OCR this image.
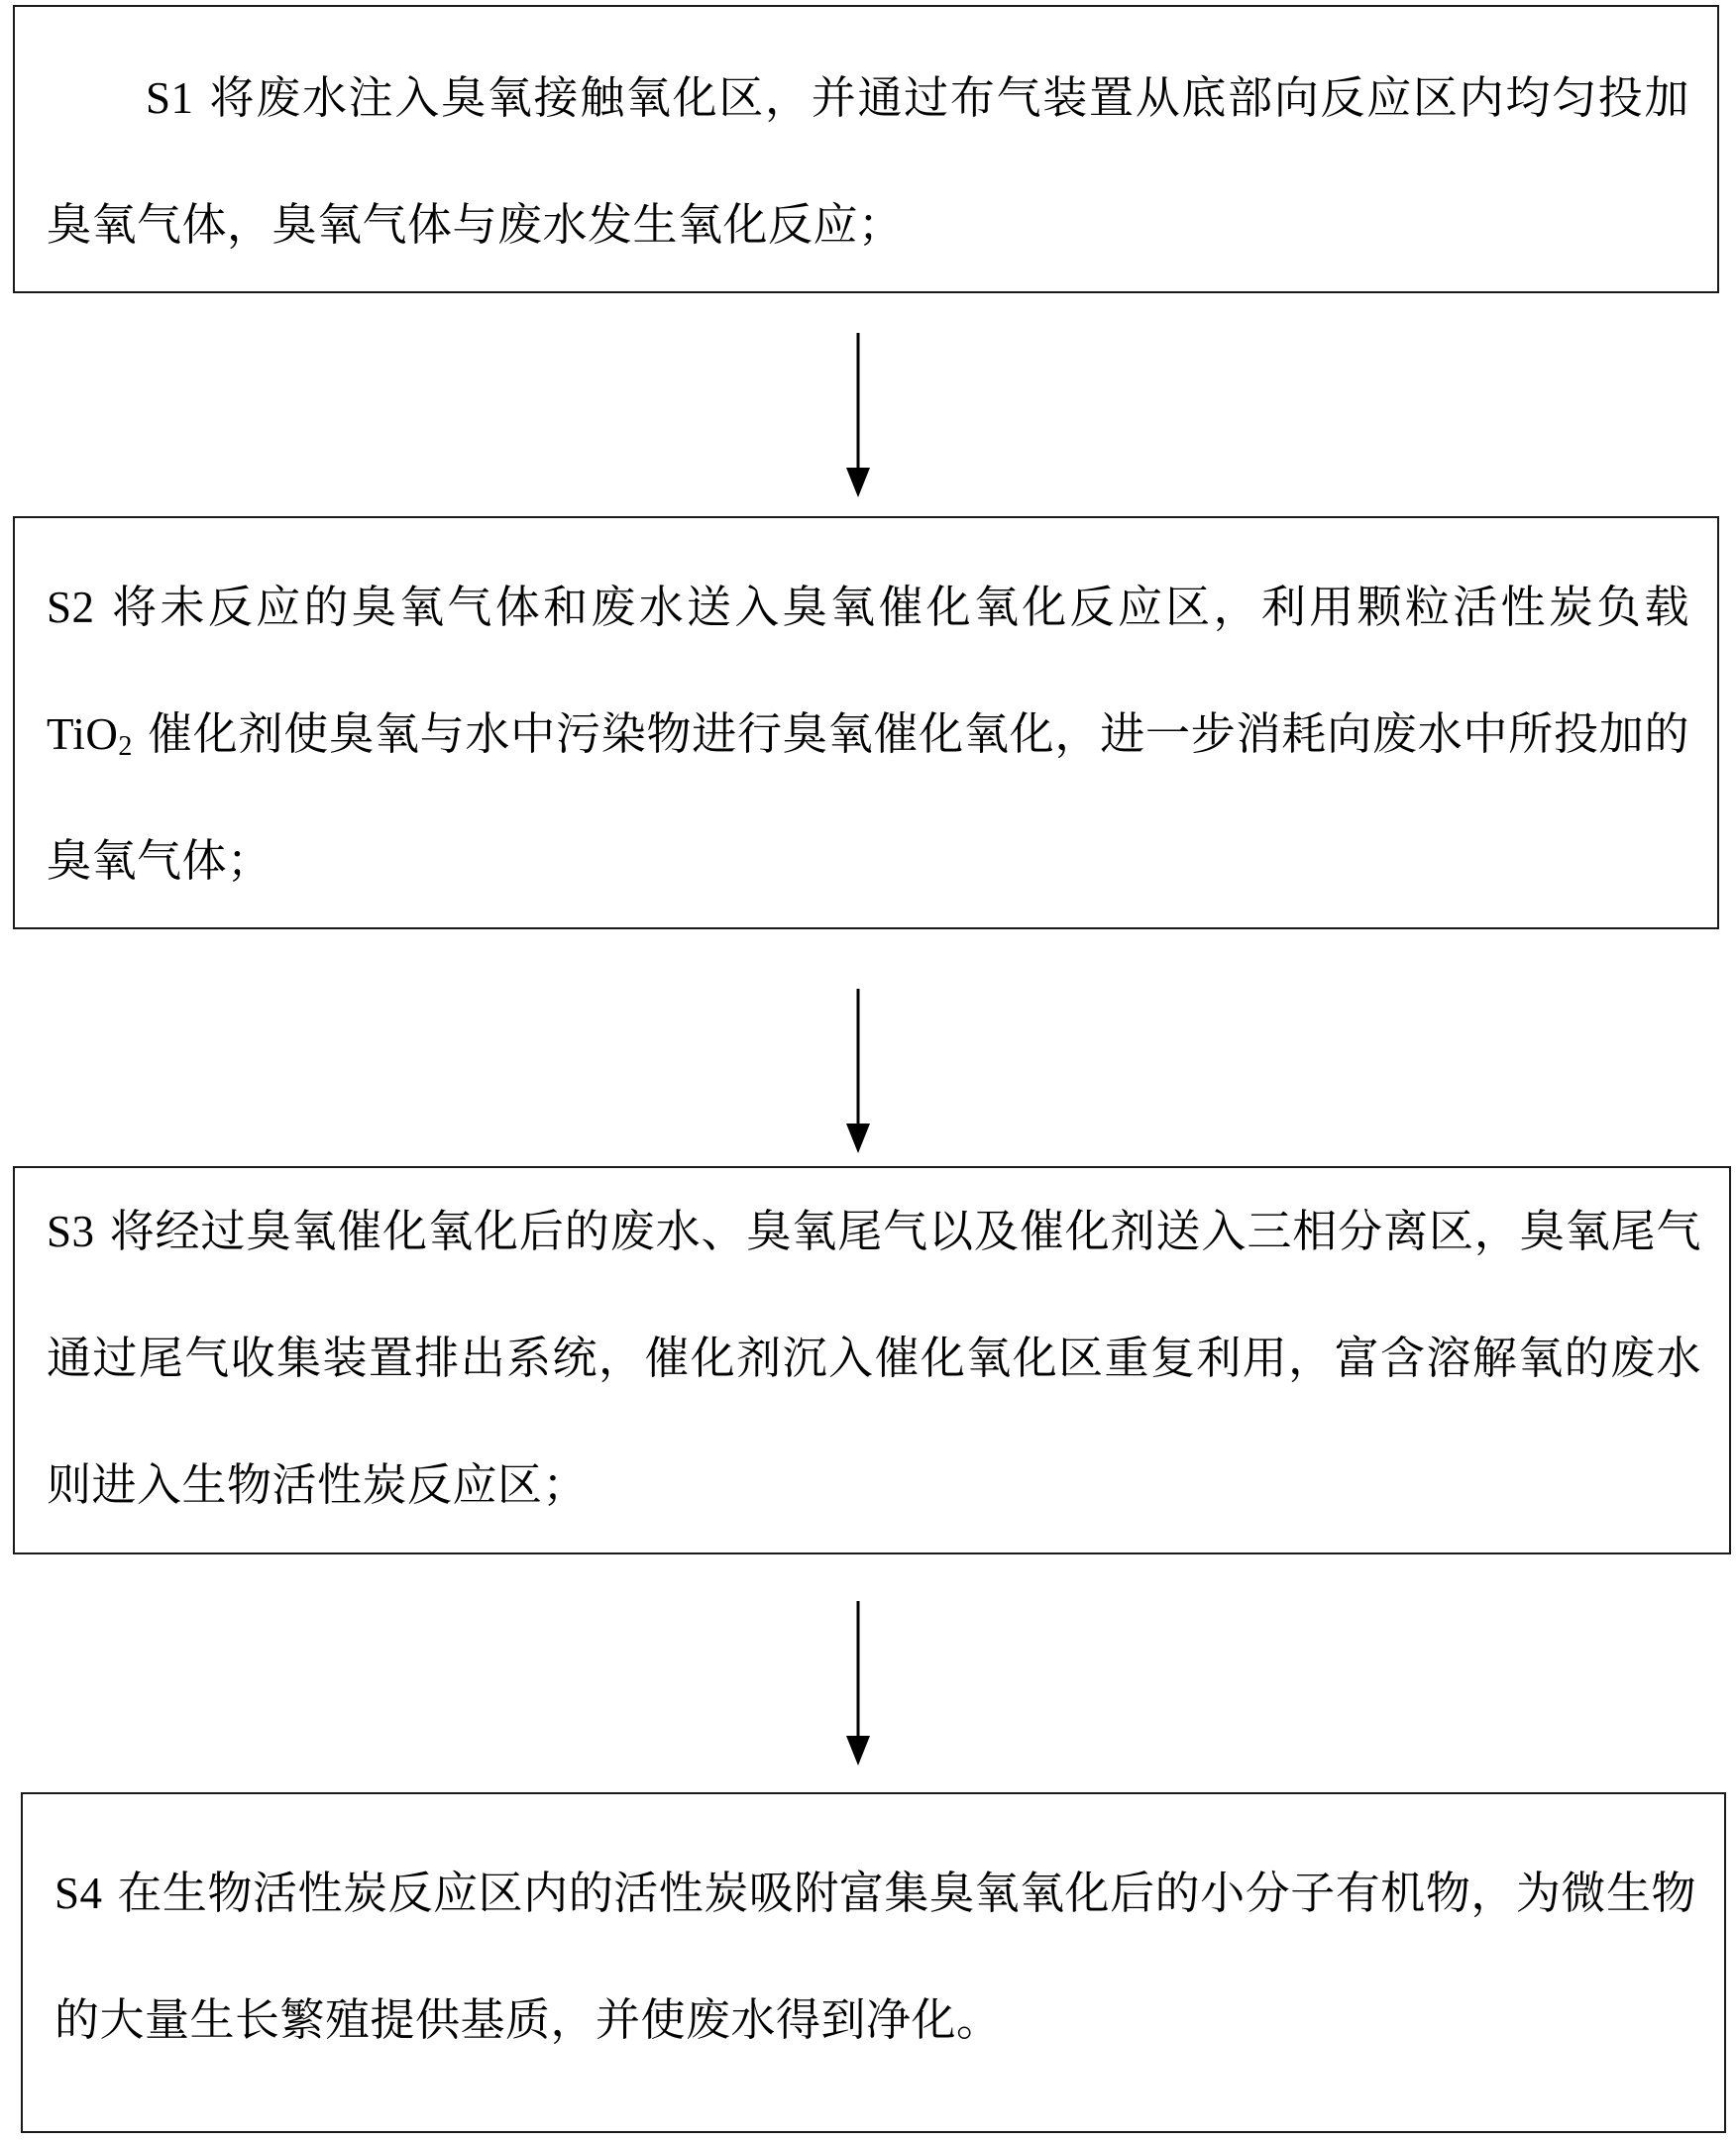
S1 将废水注入臭氧接触氧化区，并通过布气装置从底部向反应区内均匀投加臭氧气体，臭氧气体与废水发生氧化反应；
S2 将未反应的臭氧气体和废水送入臭氧催化氧化反应区，利用颗粒活性炭负载 TiO$_2$ 催化剂使臭氧与水中污染物进行臭氧催化氧化，进一步消耗向废水中所投加的臭氧气体；
S3 将经过臭氧催化氧化后的废水、臭氧尾气以及催化剂送入三相分离区，臭氧尾气通过尾气收集装置排出系统，催化剂沉入催化氧化区重复利用，富含溶解氧的废水则进入生物活性炭反应区；
S4 在生物活性炭反应区内的活性炭吸附富集臭氧氧化后的小分子有机物，为微生物的大量生长繁殖提供基质，并使废水得到净化。
